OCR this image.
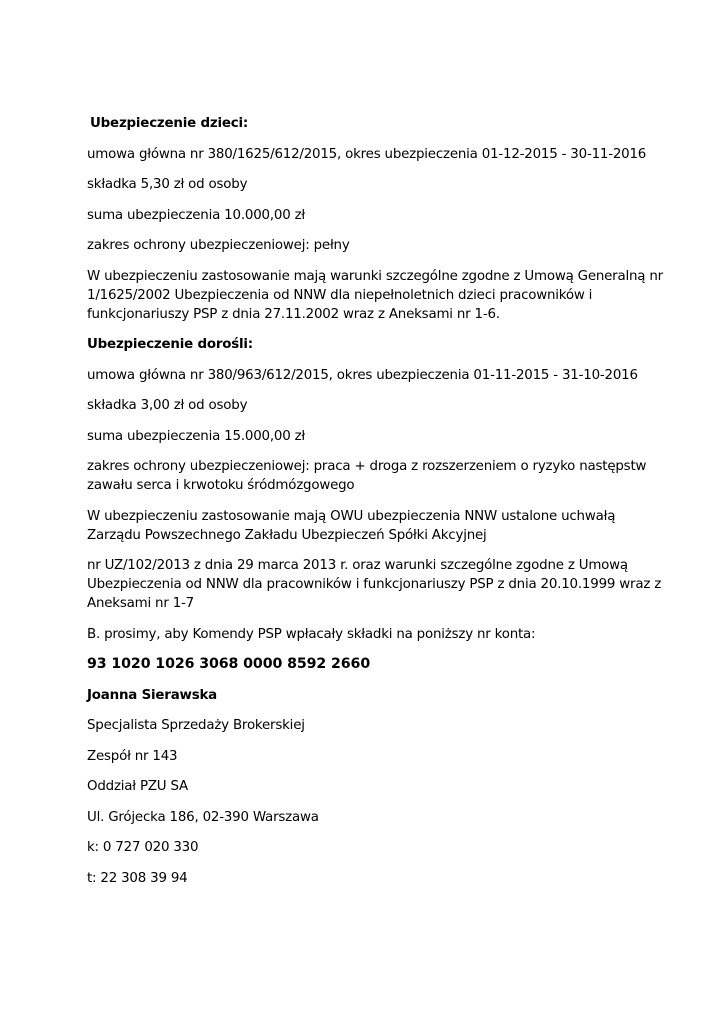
Ubezpieczenie dzieci:

umowa główna nr 380/1625/612/2015, okres ubezpieczenia 01-12-2015 - 30-11-2016

składka 5,30 zł od osoby

suma ubezpieczenia 10.000,00 zł

zakres ochrony ubezpieczeniowej: pełny

W ubezpieczeniu zastosowanie mają warunki szczególne zgodne z Umową Generalną nr 1/1625/2002 Ubezpieczenia od NNW dla niepełnoletnich dzieci pracowników i funkcjonariuszy PSP z dnia 27.11.2002 wraz z Aneksami nr 1-6.

Ubezpieczenie dorośli:

umowa główna nr 380/963/612/2015, okres ubezpieczenia 01-11-2015 - 31-10-2016

składka 3,00 zł od osoby

suma ubezpieczenia 15.000,00 zł

zakres ochrony ubezpieczeniowej: praca + droga z rozszerzeniem o ryzyko następstw zawału serca i krwotoku śródmózgowego

W ubezpieczeniu zastosowanie mają OWU ubezpieczenia NNW ustalone uchwałą Zarządu Powszechnego Zakładu Ubezpieczeń Spółki Akcyjnej

nr UZ/102/2013 z dnia 29 marca 2013 r. oraz warunki szczególne zgodne z Umową Ubezpieczenia od NNW dla pracowników i funkcjonariuszy PSP z dnia 20.10.1999 wraz z Aneksami nr 1-7

B. prosimy, aby Komendy PSP wpłacały składki na poniższy nr konta:

93 1020 1026 3068 0000 8592 2660

Joanna Sierawska

Specjalista Sprzedaży Brokerskiej

Zespół nr 143

Oddział PZU SA

Ul. Grójecka 186, 02-390 Warszawa

k: 0 727 020 330

t: 22 308 39 94
